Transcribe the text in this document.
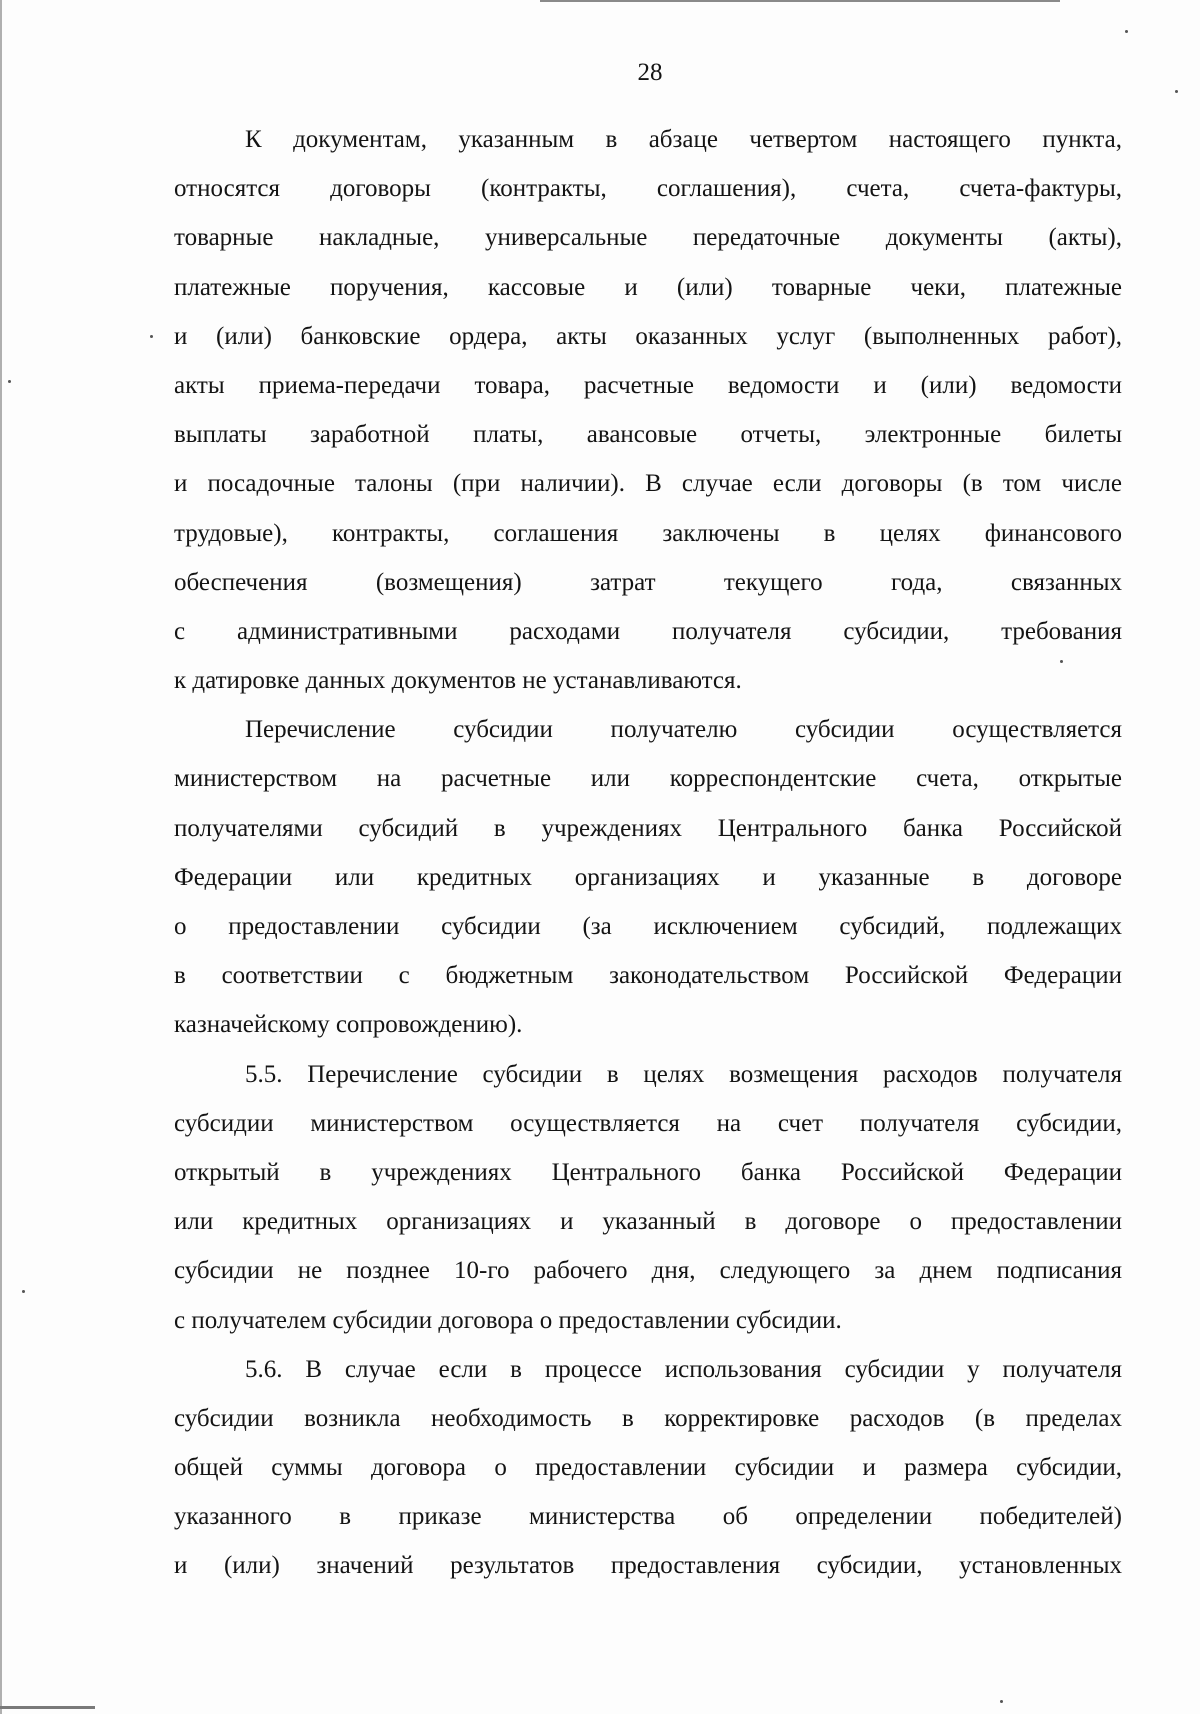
28
К документам, указанным в абзаце четвертом настоящего пункта,
относятся договоры (контракты, соглашения), счета, счета-фактуры,
товарные накладные, универсальные передаточные документы (акты),
платежные поручения, кассовые и (или) товарные чеки, платежные
и (или) банковские ордера, акты оказанных услуг (выполненных работ),
акты приема-передачи товара, расчетные ведомости и (или) ведомости
выплаты заработной платы, авансовые отчеты, электронные билеты
и посадочные талоны (при наличии). В случае если договоры (в том числе
трудовые), контракты, соглашения заключены в целях финансового
обеспечения (возмещения) затрат текущего года, связанных
с административными расходами получателя субсидии, требования
к датировке данных документов не устанавливаются.
Перечисление субсидии получателю субсидии осуществляется
министерством на расчетные или корреспондентские счета, открытые
получателями субсидий в учреждениях Центрального банка Российской
Федерации или кредитных организациях и указанные в договоре
о предоставлении субсидии (за исключением субсидий, подлежащих
в соответствии с бюджетным законодательством Российской Федерации
казначейскому сопровождению).
5.5. Перечисление субсидии в целях возмещения расходов получателя
субсидии министерством осуществляется на счет получателя субсидии,
открытый в учреждениях Центрального банка Российской Федерации
или кредитных организациях и указанный в договоре о предоставлении
субсидии не позднее 10-го рабочего дня, следующего за днем подписания
с получателем субсидии договора о предоставлении субсидии.
5.6. В случае если в процессе использования субсидии у получателя
субсидии возникла необходимость в корректировке расходов (в пределах
общей суммы договора о предоставлении субсидии и размера субсидии,
указанного в приказе министерства об определении победителей)
и (или) значений результатов предоставления субсидии, установленных
